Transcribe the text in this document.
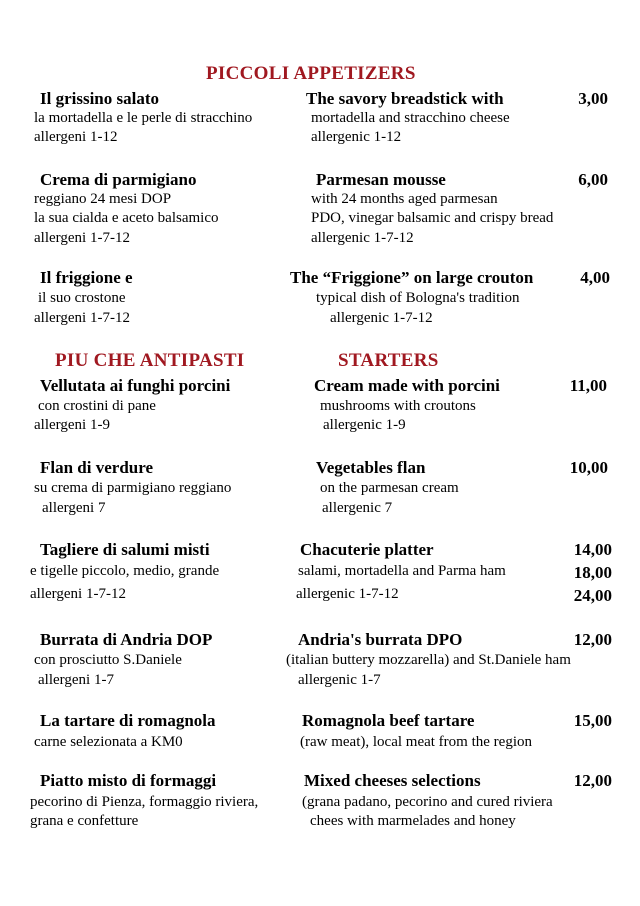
PICCOLI APPETIZERS
Il grissino salato
la mortadella e le perle di stracchino
allergeni 1-12
The savory breadstick with
mortadella and stracchino cheese
allergenic 1-12
3,00
Crema di parmigiano
reggiano 24 mesi DOP
la sua cialda e aceto balsamico
allergeni 1-7-12
Parmesan mousse
with 24 months aged parmesan
PDO, vinegar balsamic and crispy bread
allergenic 1-7-12
6,00
Il friggione e
il suo crostone
allergeni 1-7-12
The “Friggione” on large crouton
typical dish of Bologna's tradition
allergenic 1-7-12
4,00
PIU CHE ANTIPASTI	STARTERS
Vellutata ai funghi porcini
con crostini di pane
allergeni 1-9
Cream made with porcini
mushrooms with croutons
allergenic 1-9
11,00
Flan di verdure
su crema di parmigiano reggiano
allergeni 7
Vegetables flan
on the parmesan cream
allergenic 7
10,00
Tagliere di salumi misti
e tigelle piccolo, medio, grande
allergeni 1-7-12
Chacuterie platter
salami, mortadella and Parma ham
allergenic 1-7-12
14,00
18,00
24,00
Burrata di Andria DOP
con prosciutto S.Daniele
allergeni 1-7
Andria's burrata DPO
(italian buttery mozzarella) and St.Daniele ham
allergenic 1-7
12,00
La tartare di romagnola
carne selezionata a KM0
Romagnola beef tartare
(raw meat), local meat from the region
15,00
Piatto misto di formaggi
pecorino di Pienza, formaggio riviera,
grana e confetture
Mixed cheeses selections
(grana padano, pecorino and cured riviera
chees with marmelades and honey
12,00
